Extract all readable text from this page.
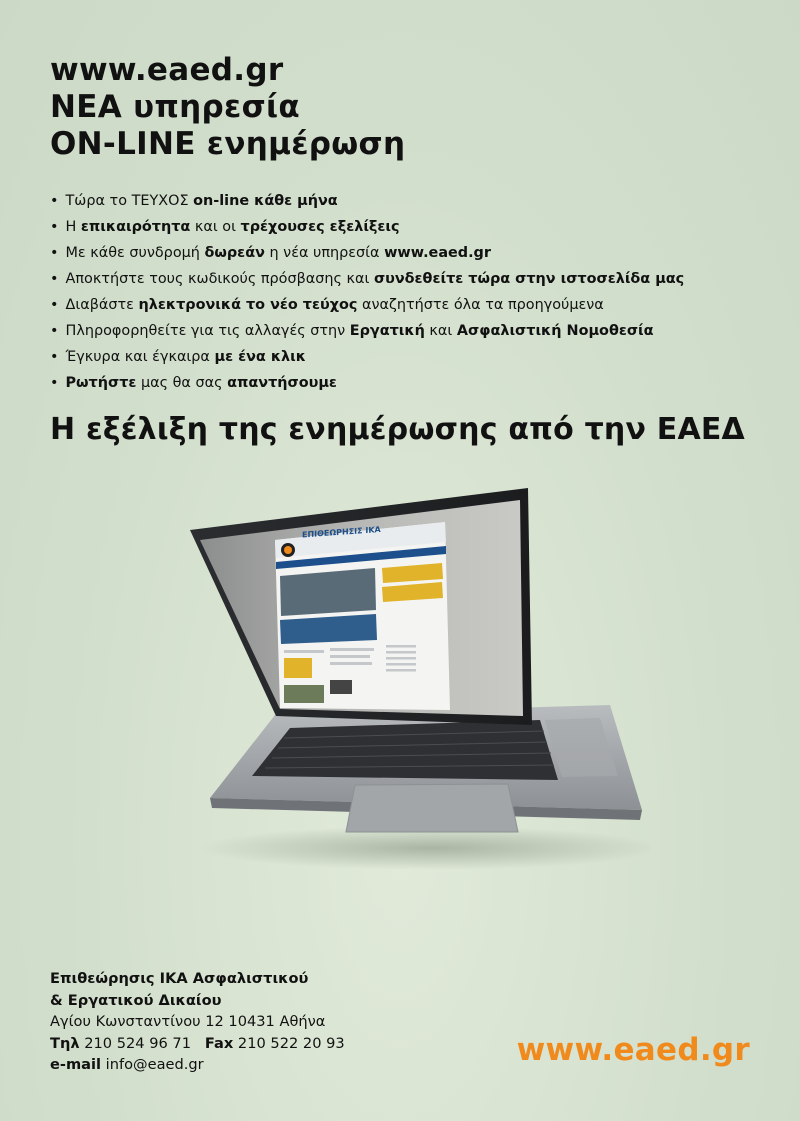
www.eaed.gr
ΝΕΑ υπηρεσία
ON-LINE ενημέρωση
• Τώρα το ΤΕΥΧΟΣ on-line κάθε μήνα
• Η επικαιρότητα και οι τρέχουσες εξελίξεις
• Με κάθε συνδρομή δωρεάν η νέα υπηρεσία www.eaed.gr
• Αποκτήστε τους κωδικούς πρόσβασης και συνδεθείτε τώρα στην ιστοσελίδα μας
• Διαβάστε ηλεκτρονικά το νέο τεύχος αναζητήστε όλα τα προηγούμενα
• Πληροφορηθείτε για τις αλλαγές στην Εργατική και Ασφαλιστική Νομοθεσία
• Έγκυρα και έγκαιρα με ένα κλικ
• Ρωτήστε μας θα σας απαντήσουμε
Η εξέλιξη της ενημέρωσης από την ΕΑΕΔ
ΕΠΙΘΕΩΡΗΣΙΣ ΙΚΑ
Επιθεώρησις ΙΚΑ Ασφαλιστικού
& Εργατικού Δικαίου
Αγίου Κωνσταντίνου 12 10431 Αθήνα
Τηλ 210 524 96 71 Fax 210 522 20 93
e-mail info@eaed.gr	www.eaed.gr
